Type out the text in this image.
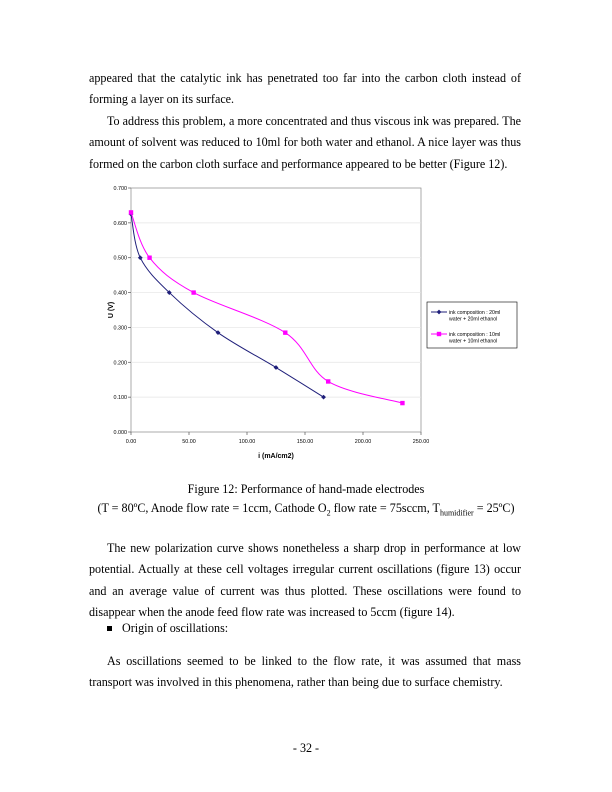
appeared that the catalytic ink has penetrated too far into the carbon cloth instead of forming a layer on its surface.

To address this problem, a more concentrated and thus viscous ink was prepared. The amount of solvent was reduced to 10ml for both water and ethanol. A nice layer was thus formed on the carbon cloth surface and performance appeared to be better (Figure 12).

0.000
0.100
0.200
0.300
0.400
0.500
0.600
0.700
0.00	50.00	100.00	150.00	200.00	250.00
i (mA/cm2)
U (V)	ink composition : 20ml
water + 20ml ethanol
ink composition : 10ml
water + 10ml ethanol
Figure 12: Performance of hand-made electrodes
(T = 80ºC, Anode flow rate = 1ccm, Cathode $O_2$ flow rate = 75sccm, $T_{humidifier}$ = 25ºC)

The new polarization curve shows nonetheless a sharp drop in performance at low potential. Actually at these cell voltages irregular current oscillations (figure 13) occur and an average value of current was thus plotted. These oscillations were found to disappear when the anode feed flow rate was increased to 5ccm (figure 14).

Origin of oscillations:

As oscillations seemed to be linked to the flow rate, it was assumed that mass transport was involved in this phenomena, rather than being due to surface chemistry.

- 32 -
